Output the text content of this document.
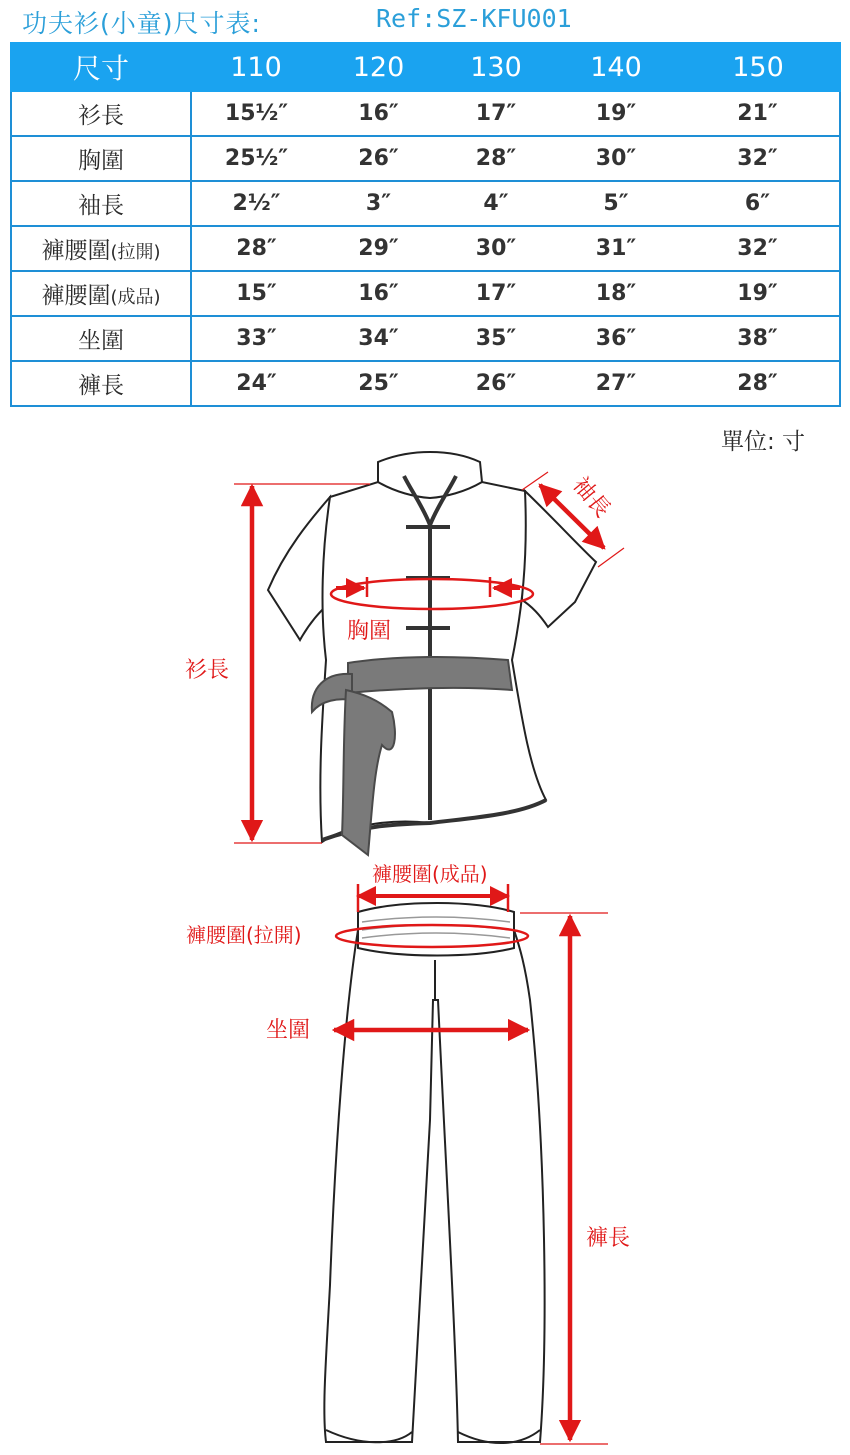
功夫衫(小童)尺寸表:	Ref:SZ-KFU001
尺寸	110	120	130	140	150
衫長	15½″	16″	17″	19″	21″
胸圍	25½″	26″	28″	30″	32″
袖長	2½″	3″	4″	5″	6″
褲腰圍(拉開)	28″	29″	30″	31″	32″
褲腰圍(成品)	15″	16″	17″	18″	19″
坐圍	33″	34″	35″	36″	38″
褲長	24″	25″	26″	27″	28″
單位: 寸
袖長
胸圍
衫長
褲腰圍(成品)
褲腰圍(拉開)
坐圍
褲長
